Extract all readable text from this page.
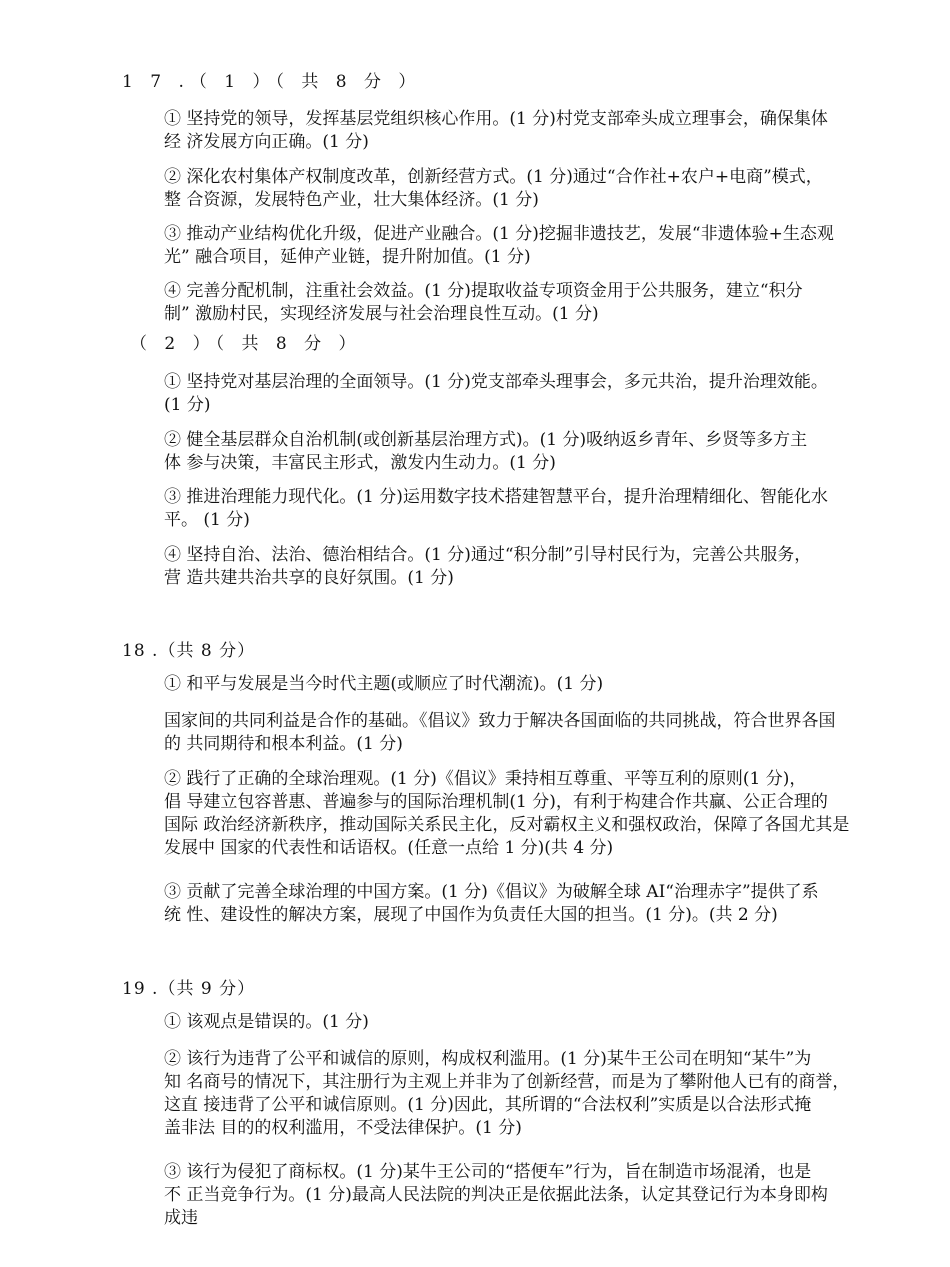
1 7 .（ 1 ）（ 共 8 分 ）

① 坚持党的领导，发挥基层党组织核心作用。(1 分)村党支部牵头成立理事会，确保集体
经 济发展方向正确。(1 分)

② 深化农村集体产权制度改革，创新经营方式。(1 分)通过“合作社+农户+电商”模式，
整 合资源，发展特色产业，壮大集体经济。(1 分)

③ 推动产业结构优化升级，促进产业融合。(1 分)挖掘非遗技艺，发展“非遗体验+生态观
光” 融合项目，延伸产业链，提升附加值。(1 分)

④ 完善分配机制，注重社会效益。(1 分)提取收益专项资金用于公共服务，建立“积分
制” 激励村民，实现经济发展与社会治理良性互动。(1 分)

（ 2 ）（ 共 8 分 ）

① 坚持党对基层治理的全面领导。(1 分)党支部牵头理事会，多元共治，提升治理效能。
(1 分)

② 健全基层群众自治机制(或创新基层治理方式)。(1 分)吸纳返乡青年、乡贤等多方主
体 参与决策，丰富民主形式，激发内生动力。(1 分)

③ 推进治理能力现代化。(1 分)运用数字技术搭建智慧平台，提升治理精细化、智能化水
平。 (1 分)

④ 坚持自治、法治、德治相结合。(1 分)通过“积分制”引导村民行为，完善公共服务，
营 造共建共治共享的良好氛围。(1 分)

18 .（共 8 分）

① 和平与发展是当今时代主题(或顺应了时代潮流)。(1 分)

国家间的共同利益是合作的基础。《倡议》致力于解决各国面临的共同挑战，符合世界各国
的 共同期待和根本利益。(1 分)

② 践行了正确的全球治理观。(1 分)《倡议》秉持相互尊重、平等互利的原则(1 分)，
倡 导建立包容普惠、普遍参与的国际治理机制(1 分)，有利于构建合作共赢、公正合理的
国际 政治经济新秩序，推动国际关系民主化，反对霸权主义和强权政治，保障了各国尤其是
发展中 国家的代表性和话语权。(任意一点给 1 分)(共 4 分)

③ 贡献了完善全球治理的中国方案。(1 分)《倡议》为破解全球 AI“治理赤字”提供了系
统 性、建设性的解决方案，展现了中国作为负责任大国的担当。(1 分)。(共 2 分)

19 .（共 9 分）

① 该观点是错误的。(1 分)

② 该行为违背了公平和诚信的原则，构成权利滥用。(1 分)某牛王公司在明知“某牛”为
知 名商号的情况下，其注册行为主观上并非为了创新经营，而是为了攀附他人已有的商誉，
这直 接违背了公平和诚信原则。(1 分)因此，其所谓的“合法权利”实质是以合法形式掩
盖非法 目的的权利滥用，不受法律保护。(1 分)

③ 该行为侵犯了商标权。(1 分)某牛王公司的“搭便车”行为，旨在制造市场混淆，也是
不 正当竞争行为。(1 分)最高人民法院的判决正是依据此法条，认定其登记行为本身即构
成违
